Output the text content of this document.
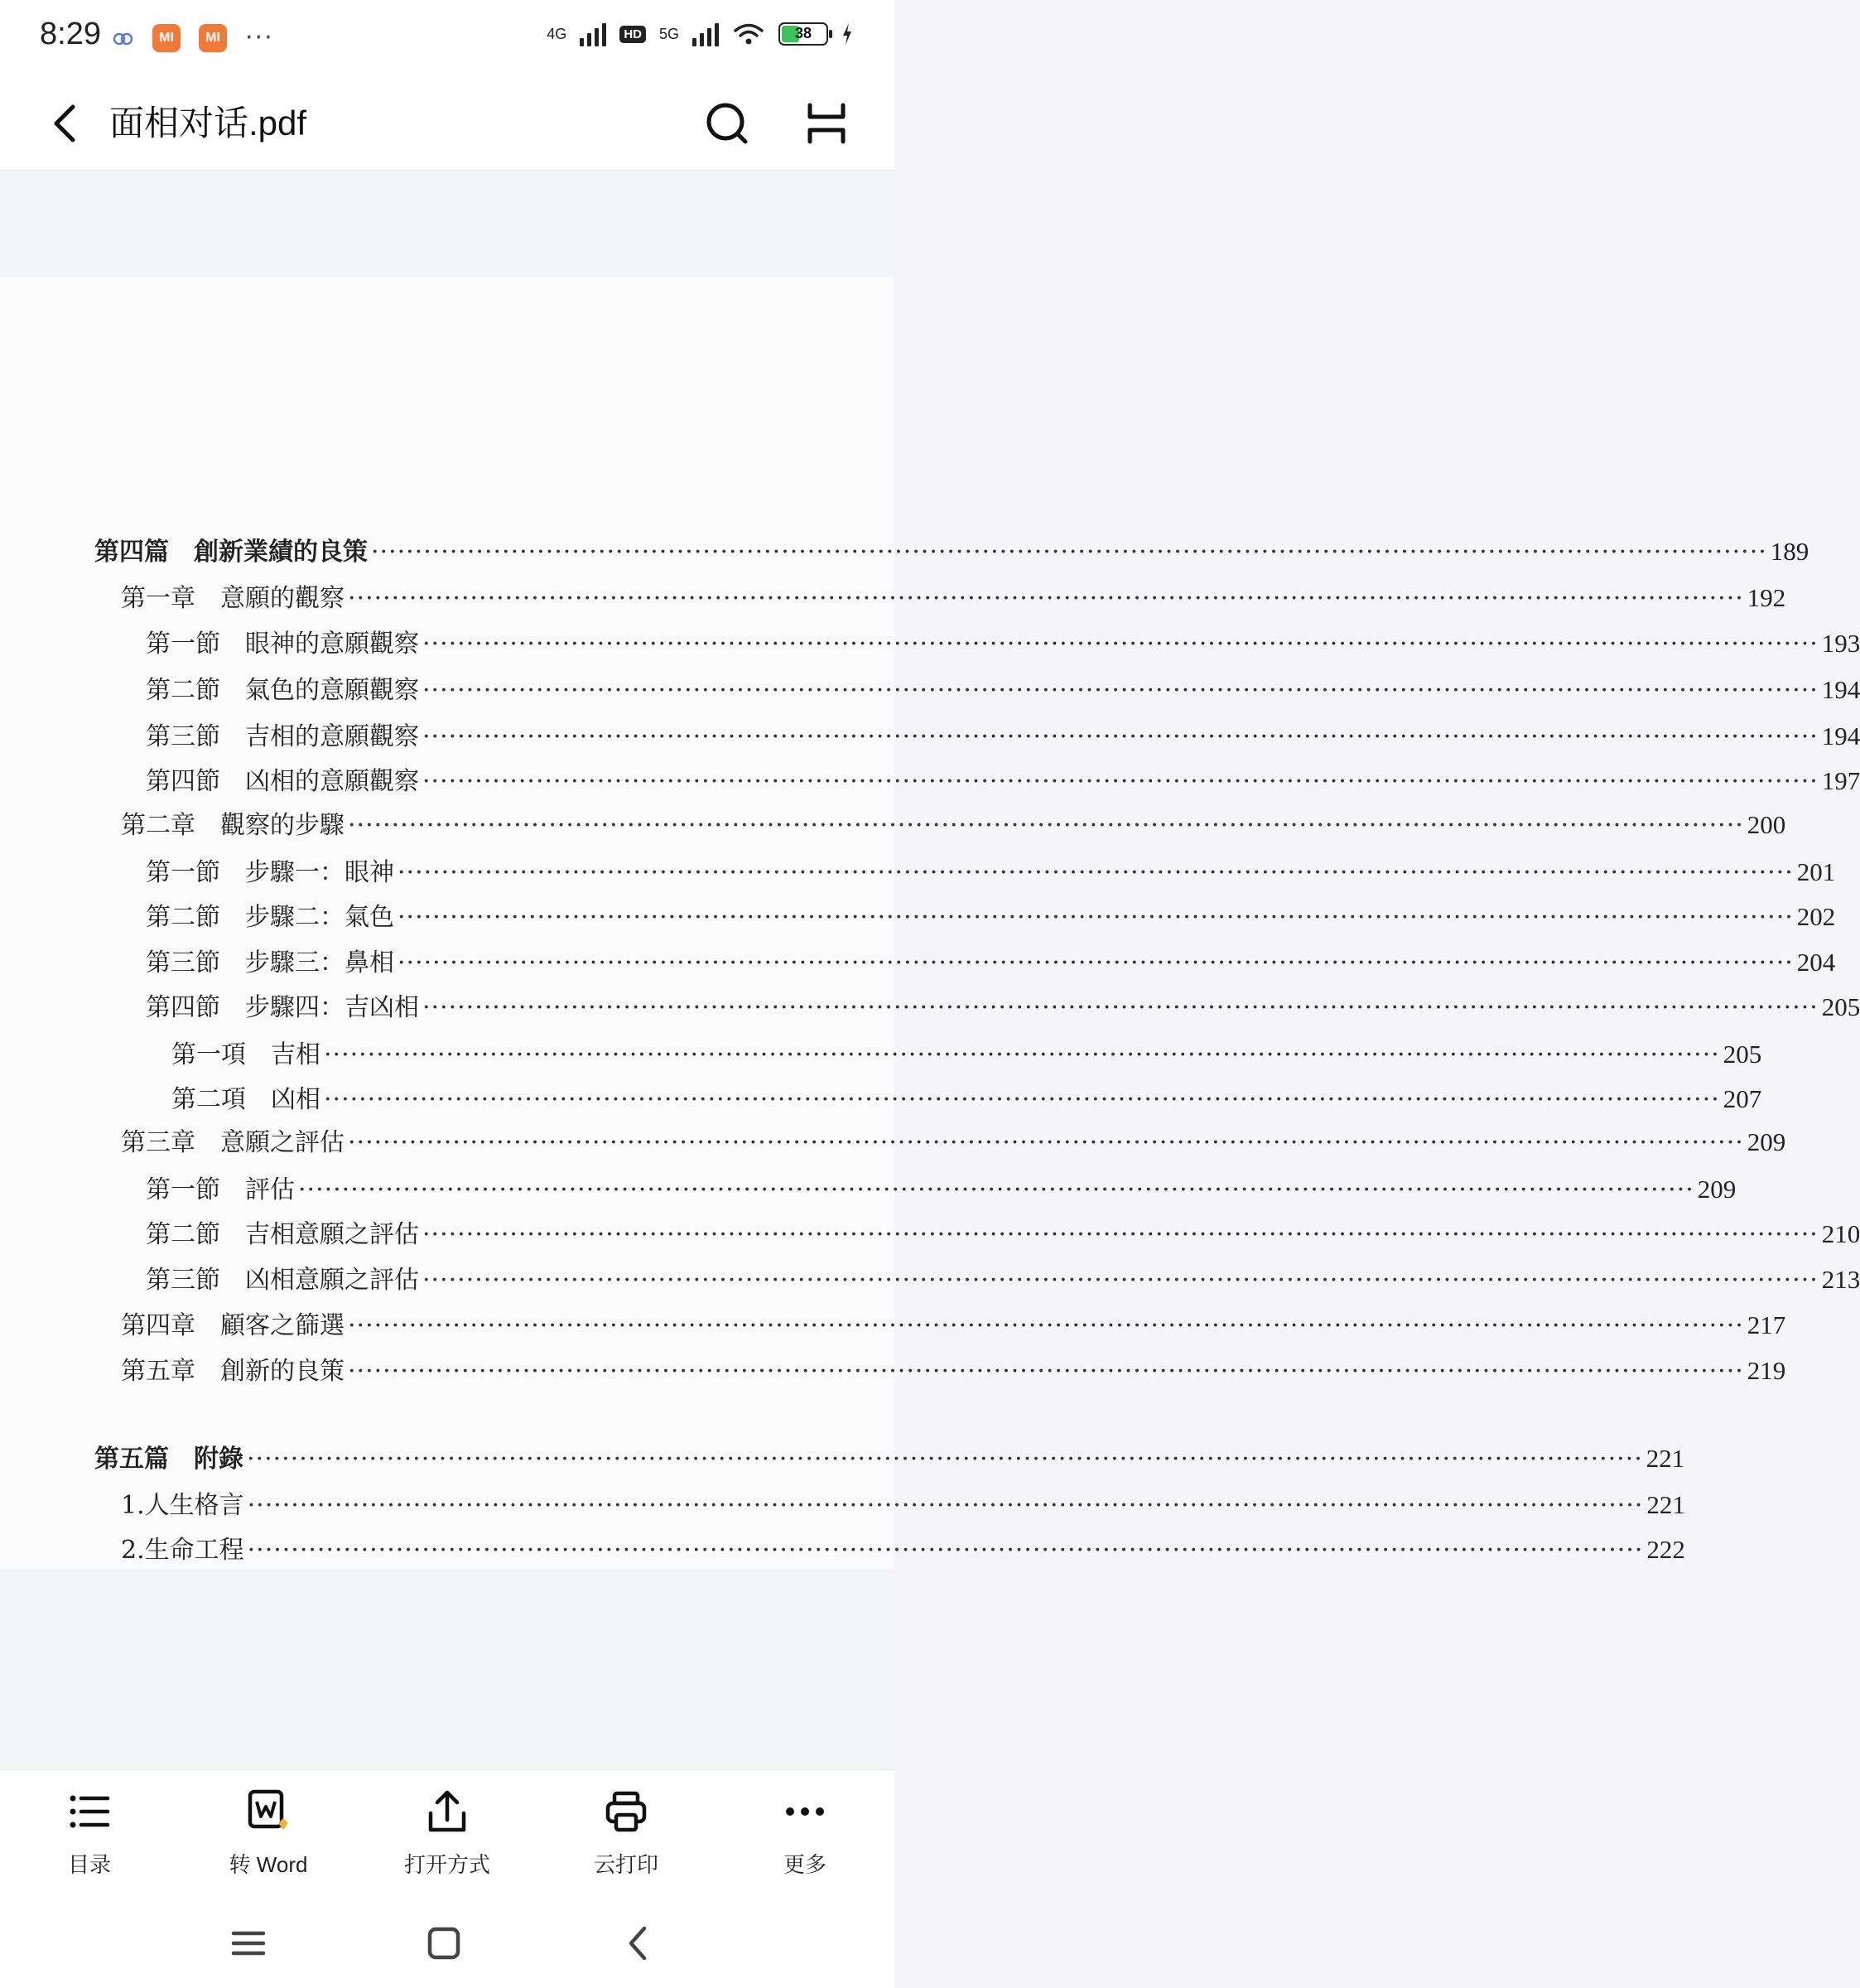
8:29	MI	MI ···	4G	HD 5G	38
面相对话.pdf
第四篇　創新業績的良策 ································································································································································ 189
第一章　意願的觀察 ································································································································································ 192
第一節　眼神的意願觀察 ································································································································································ 193
第二節　氣色的意願觀察 ································································································································································ 194
第三節　吉相的意願觀察 ································································································································································ 194
第四節　凶相的意願觀察 ································································································································································ 197
第二章　觀察的步驟 ································································································································································ 200
第一節　步驟一：眼神 ································································································································································ 201
第二節　步驟二：氣色 ································································································································································ 202
第三節　步驟三：鼻相 ································································································································································ 204
第四節　步驟四：吉凶相 ································································································································································ 205
第一項　吉相 ································································································································································ 205
第二項　凶相 ································································································································································ 207
第三章　意願之評估 ································································································································································ 209
第一節　評估 ································································································································································ 209
第二節　吉相意願之評估 ································································································································································ 210
第三節　凶相意願之評估 ································································································································································ 213
第四章　顧客之篩選 ································································································································································ 217
第五章　創新的良策 ································································································································································ 219
第五篇　附錄 ································································································································································ 221
1.人生格言 ································································································································································ 221
2.生命工程 ································································································································································ 222
目录	转 Word	打开方式	云打印	更多
